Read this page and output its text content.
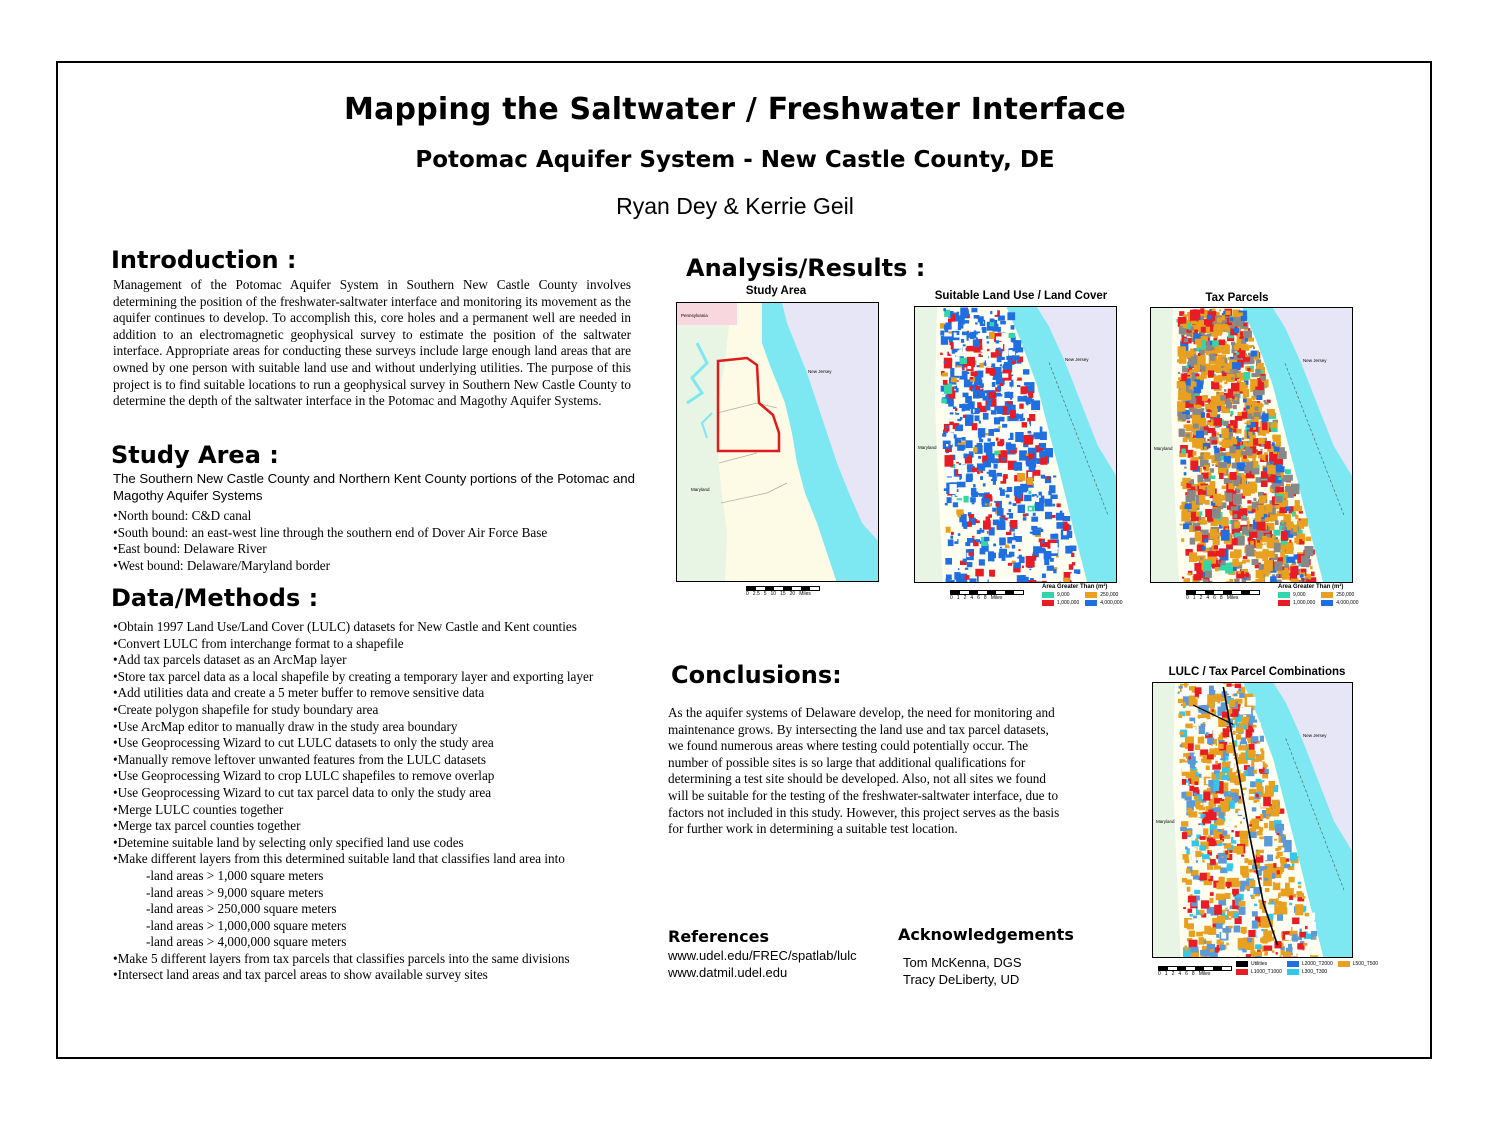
Mapping the Saltwater / Freshwater Interface
Potomac Aquifer System - New Castle County, DE
Ryan Dey & Kerrie Geil
Introduction :
Management of the Potomac Aquifer System in Southern New Castle County involves determining the position of the freshwater-saltwater interface and monitoring its movement as the aquifer continues to develop. To accomplish this, core holes and a permanent well are needed in addition to an electromagnetic geophysical survey to estimate the position of the saltwater interface. Appropriate areas for conducting these surveys include large enough land areas that are owned by one person with suitable land use and without underlying utilities. The purpose of this project is to find suitable locations to run a geophysical survey in Southern New Castle County to determine the depth of the saltwater interface in the Potomac and Magothy Aquifer Systems.
Study Area :
The Southern New Castle County and Northern Kent County portions of the Potomac and Magothy Aquifer Systems
•North bound: C&D canal
•South bound: an east-west line through the southern end of Dover Air Force Base
•East bound: Delaware River
•West bound: Delaware/Maryland border
Data/Methods :
•Obtain 1997 Land Use/Land Cover (LULC) datasets for New Castle and Kent counties
•Convert LULC from interchange format to a shapefile
•Add tax parcels dataset as an ArcMap layer
•Store tax parcel data as a local shapefile by creating a temporary layer and exporting layer
•Add utilities data and create a 5 meter buffer to remove sensitive data
•Create polygon shapefile for study boundary area
•Use ArcMap editor to manually draw in the study area boundary
•Use Geoprocessing Wizard to cut LULC datasets to only the study area
•Manually remove leftover unwanted features from the LULC datasets
•Use Geoprocessing Wizard to crop LULC shapefiles to remove overlap
•Use Geoprocessing Wizard to cut tax parcel data to only the study area
•Merge LULC counties together
•Merge tax parcel counties together
•Detemine suitable land by selecting only specified land use codes
•Make different layers from this determined suitable land that classifies land area into
-land areas > 1,000 square meters
-land areas > 9,000 square meters
-land areas > 250,000 square meters
-land areas > 1,000,000 square meters
-land areas > 4,000,000 square meters
•Make 5 different layers from tax parcels that classifies parcels into the same divisions
•Intersect land areas and tax parcel areas to show available survey sites
Analysis/Results :
Study Area
Pennsylvania
New Jersey
Maryland
0 2.5 5 10 15 20 Miles
Suitable Land Use / Land Cover
New Jersey
Maryland
Area Greater Than (m²)
9,000	250,000
1,000,000	4,000,000
0 1 2 4 6 8 Miles
Tax Parcels
New Jersey
Maryland
Area Greater Than (m²)
9,000	250,000
1,000,000	4,000,000
0 1 2 4 6 8 Miles
Conclusions:
As the aquifer systems of Delaware develop, the need for monitoring and
maintenance grows. By intersecting the land use and tax parcel datasets,
we found numerous areas where testing could potentially occur. The
number of possible sites is so large that additional qualifications for
determining a test site should be developed. Also, not all sites we found
will be suitable for the testing of the freshwater-saltwater interface, due to
factors not included in this study. However, this project serves as the basis
for further work in determining a suitable test location.
LULC / Tax Parcel Combinations
New Jersey
Maryland
Utilities	L2000_T2000	L500_T500
L1000_T1000	L300_T300
0 1 2 4 6 8 Miles
References
www.udel.edu/FREC/spatlab/lulc
www.datmil.udel.edu
Acknowledgements
Tom McKenna, DGS
Tracy DeLiberty, UD
